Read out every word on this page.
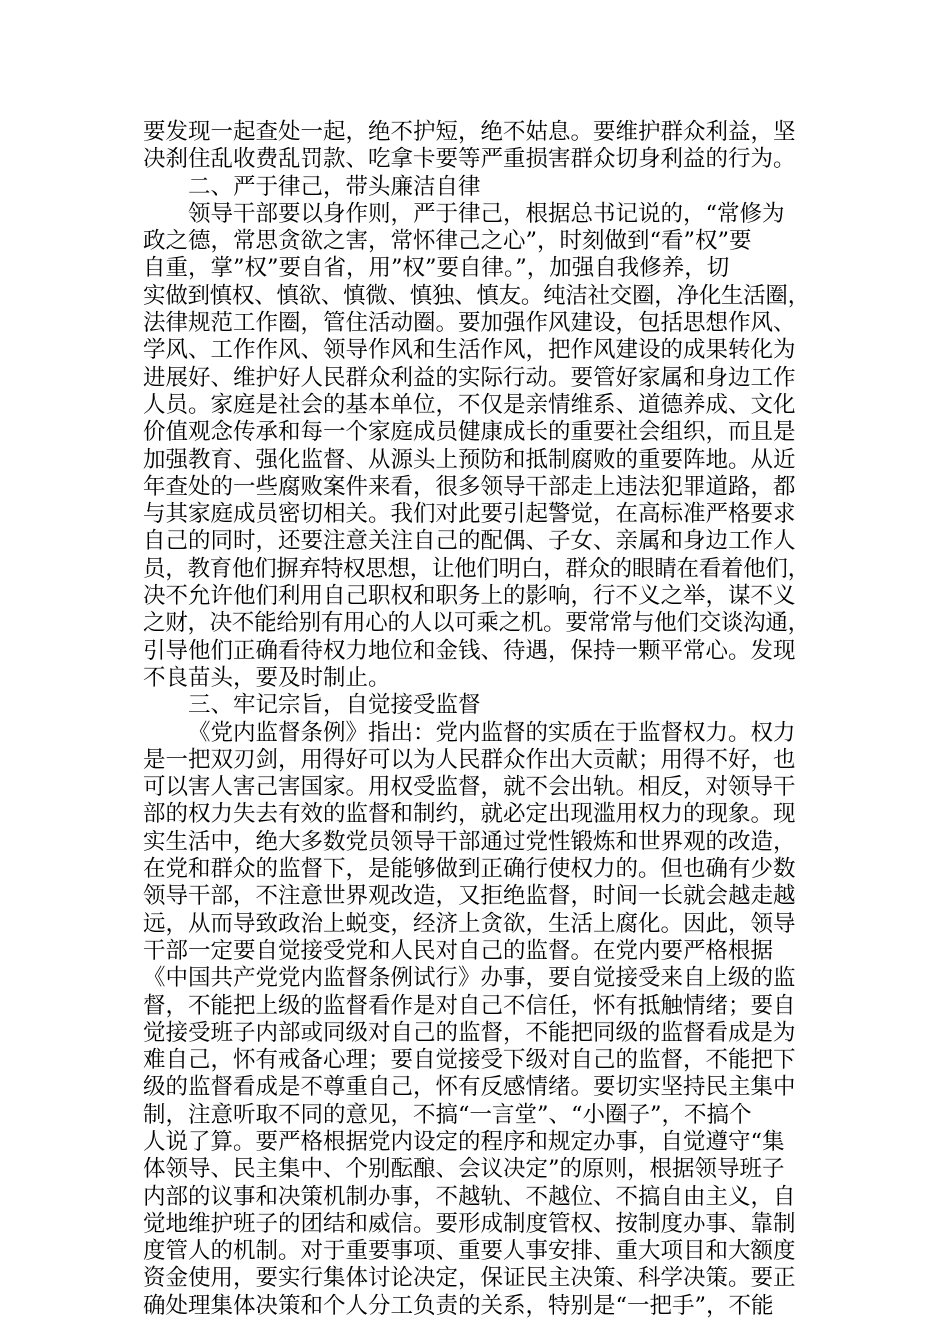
要发现一起查处一起，绝不护短，绝不姑息。要维护群众利益，坚
决刹住乱收费乱罚款、吃拿卡要等严重损害群众切身利益的行为。
二、严于律己，带头廉洁自律
领导干部要以身作则，严于律己，根据总书记说的，“常修为
政之德，常思贪欲之害，常怀律己之心”，时刻做到“看”权”要
自重，掌”权”要自省，用”权”要自律。”，加强自我修养，切
实做到慎权、慎欲、慎微、慎独、慎友。纯洁社交圈，净化生活圈，
法律规范工作圈，管住活动圈。要加强作风建设，包括思想作风、
学风、工作作风、领导作风和生活作风，把作风建设的成果转化为
进展好、维护好人民群众利益的实际行动。要管好家属和身边工作
人员。家庭是社会的基本单位，不仅是亲情维系、道德养成、文化
价值观念传承和每一个家庭成员健康成长的重要社会组织，而且是
加强教育、强化监督、从源头上预防和抵制腐败的重要阵地。从近
年查处的一些腐败案件来看，很多领导干部走上违法犯罪道路，都
与其家庭成员密切相关。我们对此要引起警觉，在高标准严格要求
自己的同时，还要注意关注自己的配偶、子女、亲属和身边工作人
员，教育他们摒弃特权思想，让他们明白，群众的眼睛在看着他们，
决不允许他们利用自己职权和职务上的影响，行不义之举，谋不义
之财，决不能给别有用心的人以可乘之机。要常常与他们交谈沟通，
引导他们正确看待权力地位和金钱、待遇，保持一颗平常心。发现
不良苗头，要及时制止。
三、牢记宗旨，自觉接受监督
《党内监督条例》指出：党内监督的实质在于监督权力。权力
是一把双刃剑，用得好可以为人民群众作出大贡献；用得不好，也
可以害人害己害国家。用权受监督，就不会出轨。相反，对领导干
部的权力失去有效的监督和制约，就必定出现滥用权力的现象。现
实生活中，绝大多数党员领导干部通过党性锻炼和世界观的改造，
在党和群众的监督下，是能够做到正确行使权力的。但也确有少数
领导干部，不注意世界观改造，又拒绝监督，时间一长就会越走越
远，从而导致政治上蜕变，经济上贪欲，生活上腐化。因此，领导
干部一定要自觉接受党和人民对自己的监督。在党内要严格根据
《中国共产党党内监督条例试行》办事，要自觉接受来自上级的监
督，不能把上级的监督看作是对自己不信任，怀有抵触情绪；要自
觉接受班子内部或同级对自己的监督，不能把同级的监督看成是为
难自己，怀有戒备心理；要自觉接受下级对自己的监督，不能把下
级的监督看成是不尊重自己，怀有反感情绪。要切实坚持民主集中
制，注意听取不同的意见，不搞“一言堂”、“小圈子”，不搞个
人说了算。要严格根据党内设定的程序和规定办事，自觉遵守“集
体领导、民主集中、个别酝酿、会议决定”的原则，根据领导班子
内部的议事和决策机制办事，不越轨、不越位、不搞自由主义，自
觉地维护班子的团结和威信。要形成制度管权、按制度办事、靠制
度管人的机制。对于重要事项、重要人事安排、重大项目和大额度
资金使用，要实行集体讨论决定，保证民主决策、科学决策。要正
确处理集体决策和个人分工负责的关系，特别是“一把手”，不能
